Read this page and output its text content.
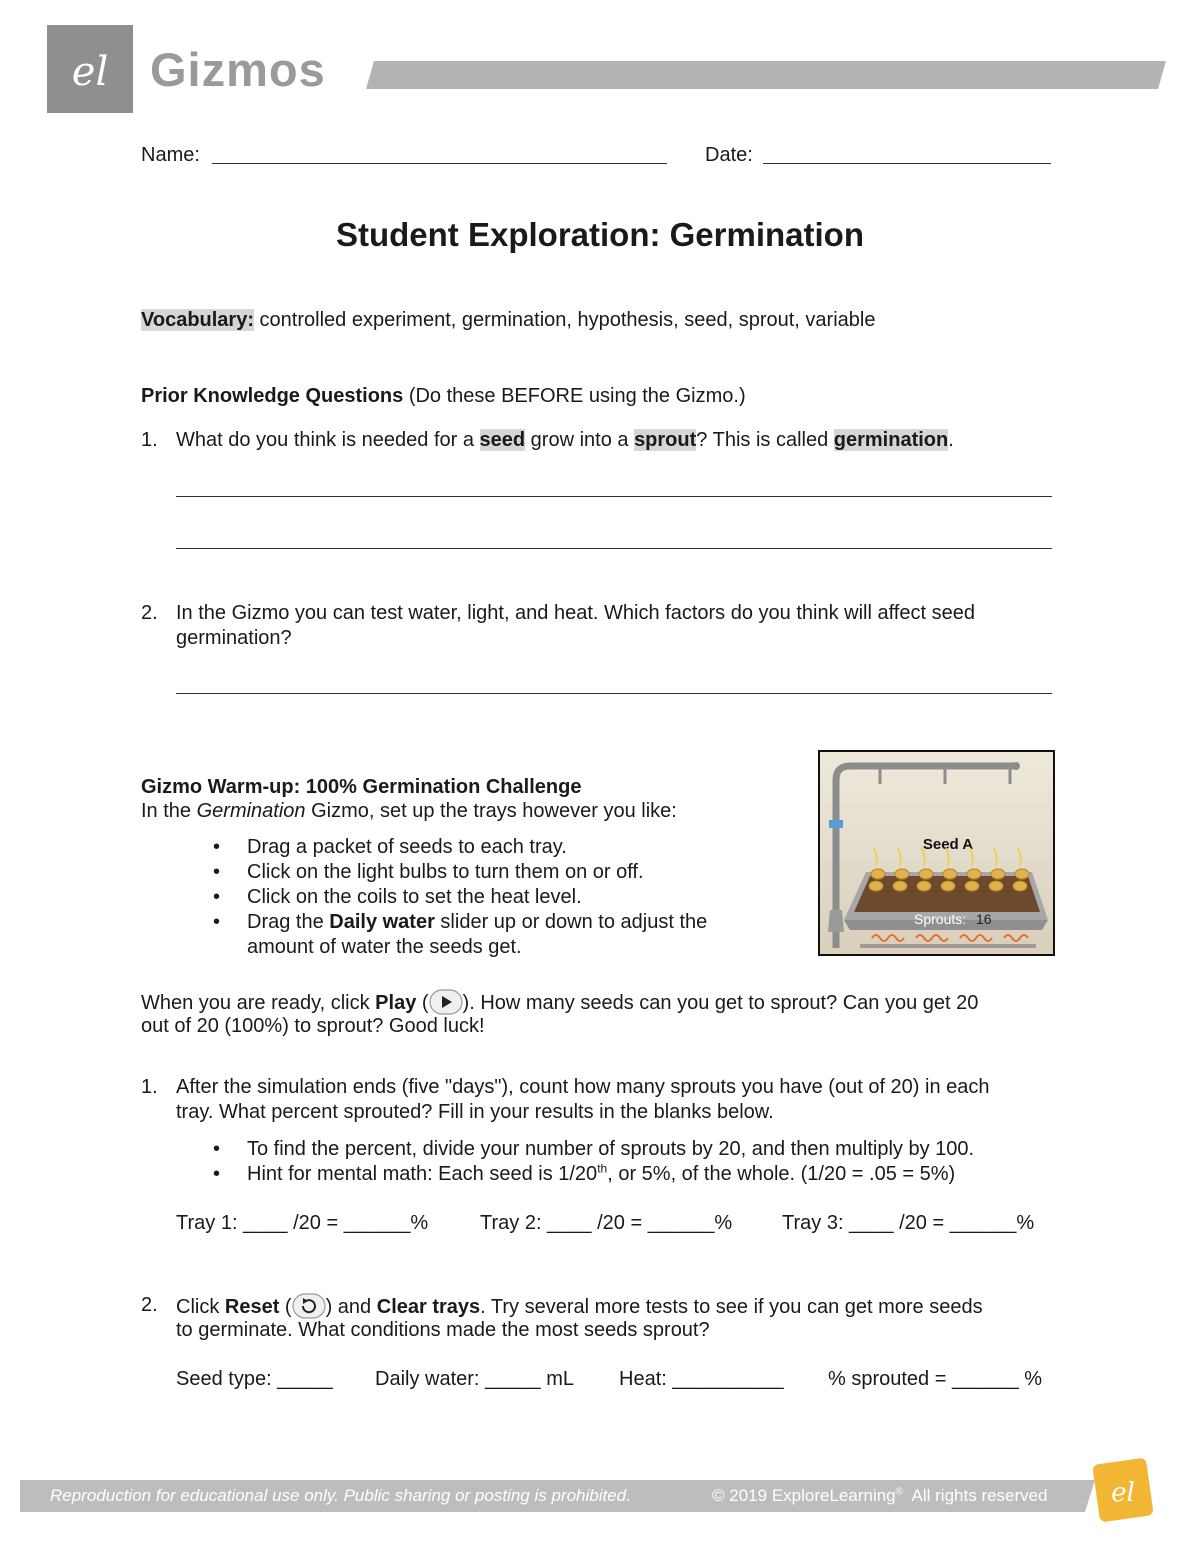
el Gizmos
Name:	Date:
Student Exploration: Germination
Vocabulary: controlled experiment, germination, hypothesis, seed, sprout, variable
Prior Knowledge Questions (Do these BEFORE using the Gizmo.)
1. What do you think is needed for a seed grow into a sprout? This is called germination.
2. In the Gizmo you can test water, light, and heat. Which factors do you think will affect seed
germination?
Gizmo Warm-up: 100% Germination Challenge
In the Germination Gizmo, set up the trays however you like:
• Drag a packet of seeds to each tray.
• Click on the light bulbs to turn them on or off.
• Click on the coils to set the heat level.
• Drag the Daily water slider up or down to adjust the
amount of water the seeds get.
Seed A
Sprouts: 16
When you are ready, click Play ( ). How many seeds can you get to sprout? Can you get 20
out of 20 (100%) to sprout? Good luck!
1. After the simulation ends (five "days"), count how many sprouts you have (out of 20) in each
tray. What percent sprouted? Fill in your results in the blanks below.
• To find the percent, divide your number of sprouts by 20, and then multiply by 100.
• Hint for mental math: Each seed is 1/20th, or 5%, of the whole. (1/20 = .05 = 5%)
Tray 1: ____ /20 = ______%	Tray 2: ____ /20 = ______% Tray 3: ____ /20 = ______%
2. Click Reset ( ) and Clear trays. Try several more tests to see if you can get more seeds
to germinate. What conditions made the most seeds sprout?
Seed type: _____ Daily water: _____ mL Heat: __________ % sprouted = ______ %
Reproduction for educational use only. Public sharing or posting is prohibited.	© 2019 ExploreLearning® All rights reserved el
